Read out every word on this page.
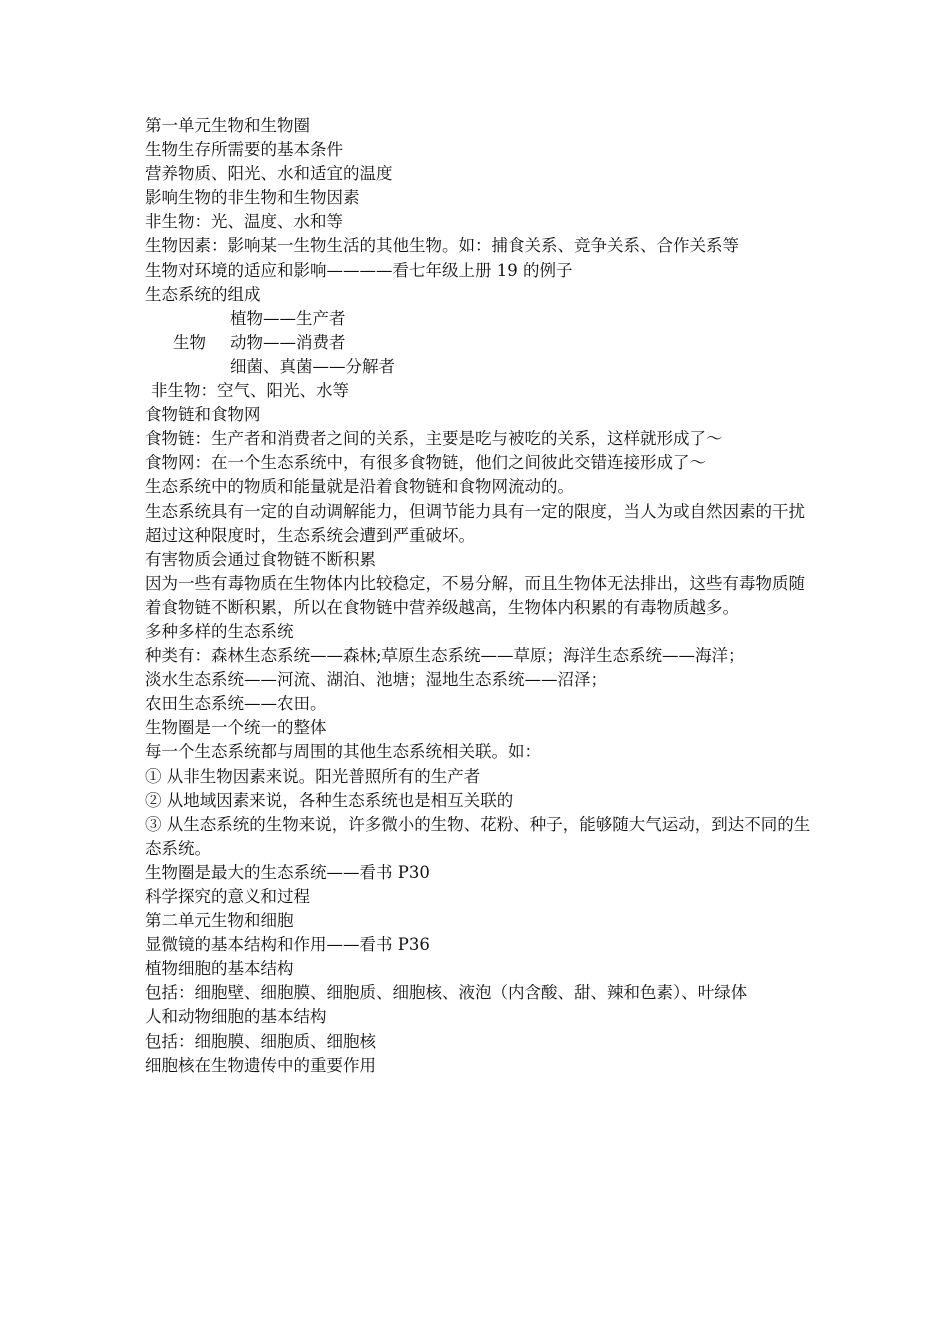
第一单元生物和生物圈

生物生存所需要的基本条件

营养物质、阳光、水和适宜的温度

影响生物的非生物和生物因素

非生物：光、温度、水和等

生物因素：影响某一生物生活的其他生物。如：捕食关系、竞争关系、合作关系等

生物对环境的适应和影响————看七年级上册 19 的例子

生态系统的组成

植物——生产者

生物	动物——消费者

细菌、真菌——分解者

非生物：空气、阳光、水等

食物链和食物网

食物链：生产者和消费者之间的关系，主要是吃与被吃的关系，这样就形成了～

食物网：在一个生态系统中，有很多食物链，他们之间彼此交错连接形成了～

生态系统中的物质和能量就是沿着食物链和食物网流动的。

生态系统具有一定的自动调解能力，但调节能力具有一定的限度，当人为或自然因素的干扰超过这种限度时，生态系统会遭到严重破坏。

有害物质会通过食物链不断积累

因为一些有毒物质在生物体内比较稳定，不易分解，而且生物体无法排出，这些有毒物质随着食物链不断积累，所以在食物链中营养级越高，生物体内积累的有毒物质越多。

多种多样的生态系统

种类有：森林生态系统——森林;草原生态系统——草原；海洋生态系统——海洋；

淡水生态系统——河流、湖泊、池塘；湿地生态系统——沼泽；

农田生态系统——农田。

生物圈是一个统一的整体

每一个生态系统都与周围的其他生态系统相关联。如：

① 从非生物因素来说。阳光普照所有的生产者

② 从地域因素来说，各种生态系统也是相互关联的

③ 从生态系统的生物来说，许多微小的生物、花粉、种子，能够随大气运动，到达不同的生态系统。

生物圈是最大的生态系统——看书 P30

科学探究的意义和过程

第二单元生物和细胞

显微镜的基本结构和作用——看书 P36

植物细胞的基本结构

包括：细胞壁、细胞膜、细胞质、细胞核、液泡（内含酸、甜、辣和色素）、叶绿体

人和动物细胞的基本结构

包括：细胞膜、细胞质、细胞核

细胞核在生物遗传中的重要作用
